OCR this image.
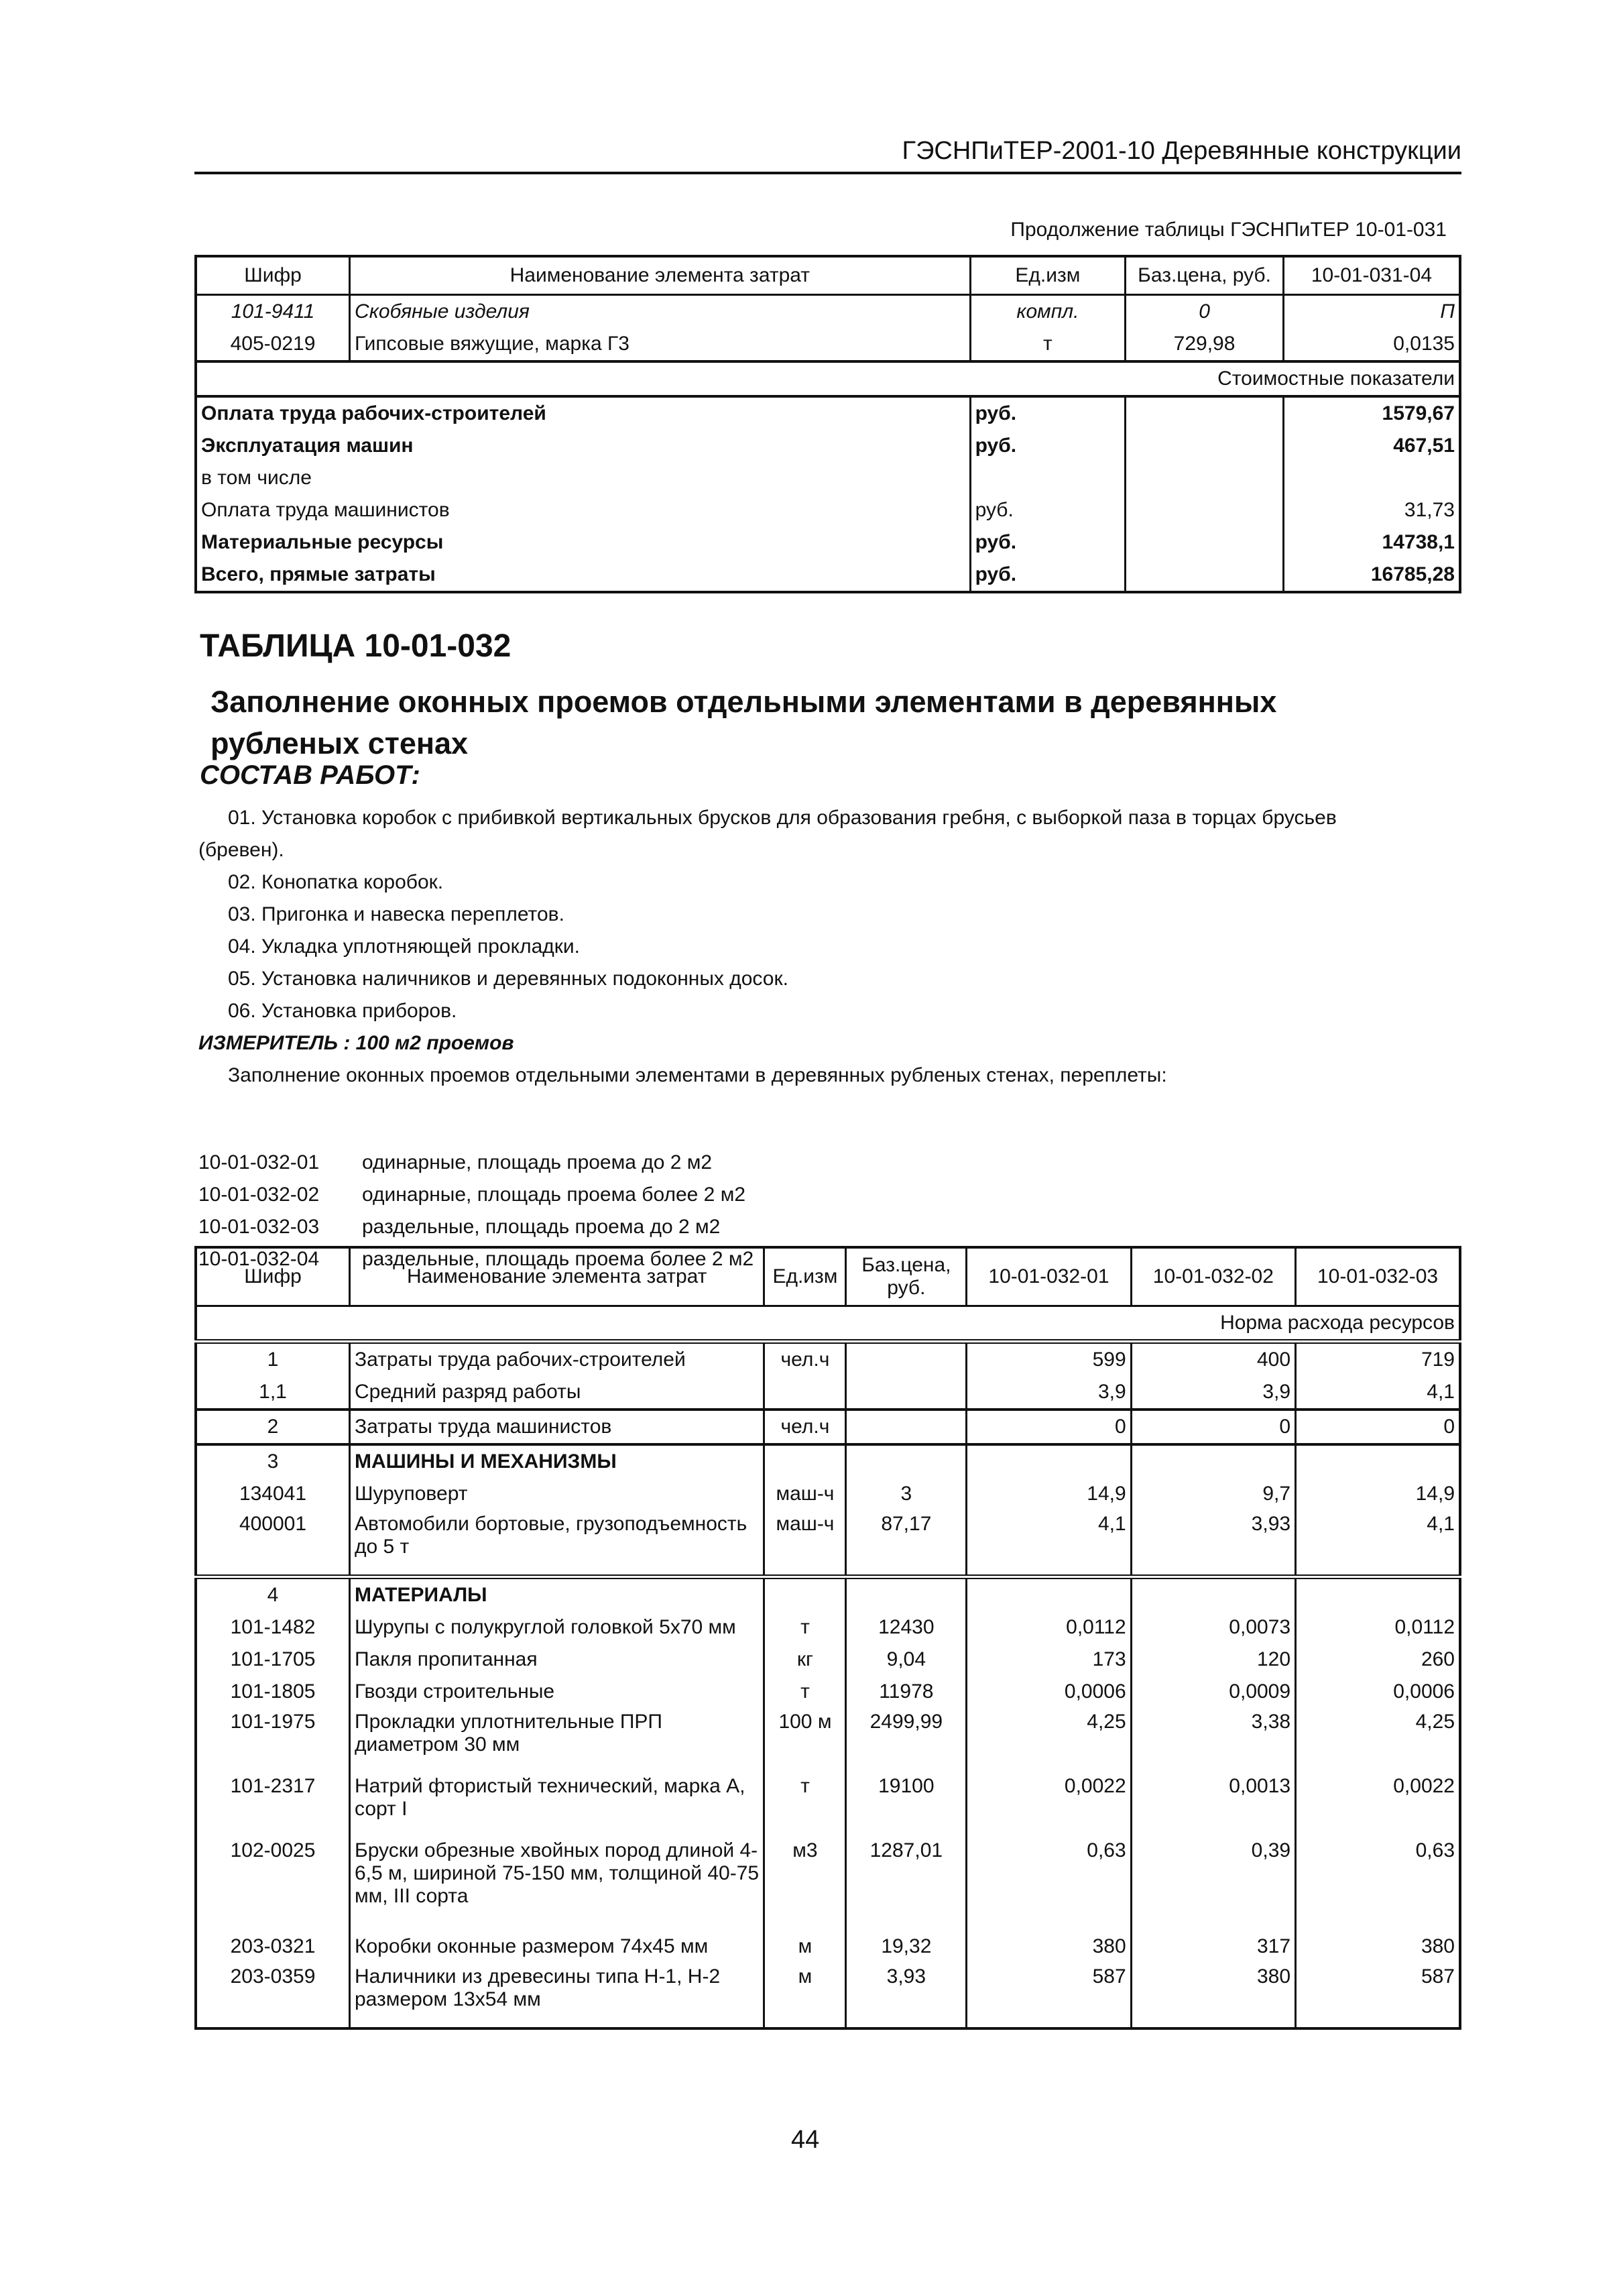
ГЭСНПиТЕР-2001-10 Деревянные конструкции
Продолжение таблицы ГЭСНПиТЕР 10-01-031
Шифр	Наименование элемента затрат	Ед.изм	Баз.цена, руб.	10-01-031-04
101-9411	Скобяные изделия	компл.	0	П
405-0219	Гипсовые вяжущие, марка Г3	т	729,98	0,0135
Стоимостные показатели				
Оплата труда рабочих-строителей		руб.		1579,67
Эксплуатация машин		руб.		467,51
в том числе				
Оплата труда машинистов		руб.		31,73
Материальные ресурсы		руб.		14738,1
Всего, прямые затраты		руб.		16785,28
ТАБЛИЦА 10-01-032
Заполнение оконных проемов отдельными элементами в деревянных рубленых стенах
СОСТАВ РАБОТ:
01. Установка коробок с прибивкой вертикальных брусков для образования гребня, с выборкой паза в торцах брусьев
(бревен).
02. Конопатка коробок.
03. Пригонка и навеска переплетов.
04. Укладка уплотняющей прокладки.
05. Установка наличников и деревянных подоконных досок.
06. Установка приборов.
ИЗМЕРИТЕЛЬ : 100 м2 проемов
Заполнение оконных проемов отдельными элементами в деревянных рубленых стенах, переплеты:
10-01-032-01 одинарные, площадь проема до 2 м2
10-01-032-02 одинарные, площадь проема более 2 м2
10-01-032-03 раздельные, площадь проема до 2 м2
10-01-032-04 раздельные, площадь проема более 2 м2
Шифр	Наименование элемента затрат	Ед.изм	Баз.цена, руб.	10-01-032-01	10-01-032-02	10-01-032-03
Норма расхода ресурсов						
1	Затраты труда рабочих-строителей	чел.ч		599	400	719
1,1	Средний разряд работы			3,9	3,9	4,1
2	Затраты труда машинистов	чел.ч		0	0	0
3	МАШИНЫ И МЕХАНИЗМЫ					
134041	Шуруповерт	маш-ч	3	14,9	9,7	14,9
400001	Автомобили бортовые, грузоподъемность до 5 т	маш-ч	87,17	4,1	3,93	4,1
4	МАТЕРИАЛЫ					
101-1482	Шурупы с полукруглой головкой 5х70 мм	т	12430	0,0112	0,0073	0,0112
101-1705	Пакля пропитанная	кг	9,04	173	120	260
101-1805	Гвозди строительные	т	11978	0,0006	0,0009	0,0006
101-1975	Прокладки уплотнительные ПРП диаметром 30 мм	100 м	2499,99	4,25	3,38	4,25
101-2317	Натрий фтористый технический, марка А, сорт I	т	19100	0,0022	0,0013	0,0022
102-0025	Бруски обрезные хвойных пород длиной 4-6,5 м, шириной 75-150 мм, толщиной 40-75 мм, III сорта	м3	1287,01	0,63	0,39	0,63
203-0321	Коробки оконные размером 74х45 мм	м	19,32	380	317	380
203-0359	Наличники из древесины типа Н-1, Н-2 размером 13х54 мм	м	3,93	587	380	587
44
